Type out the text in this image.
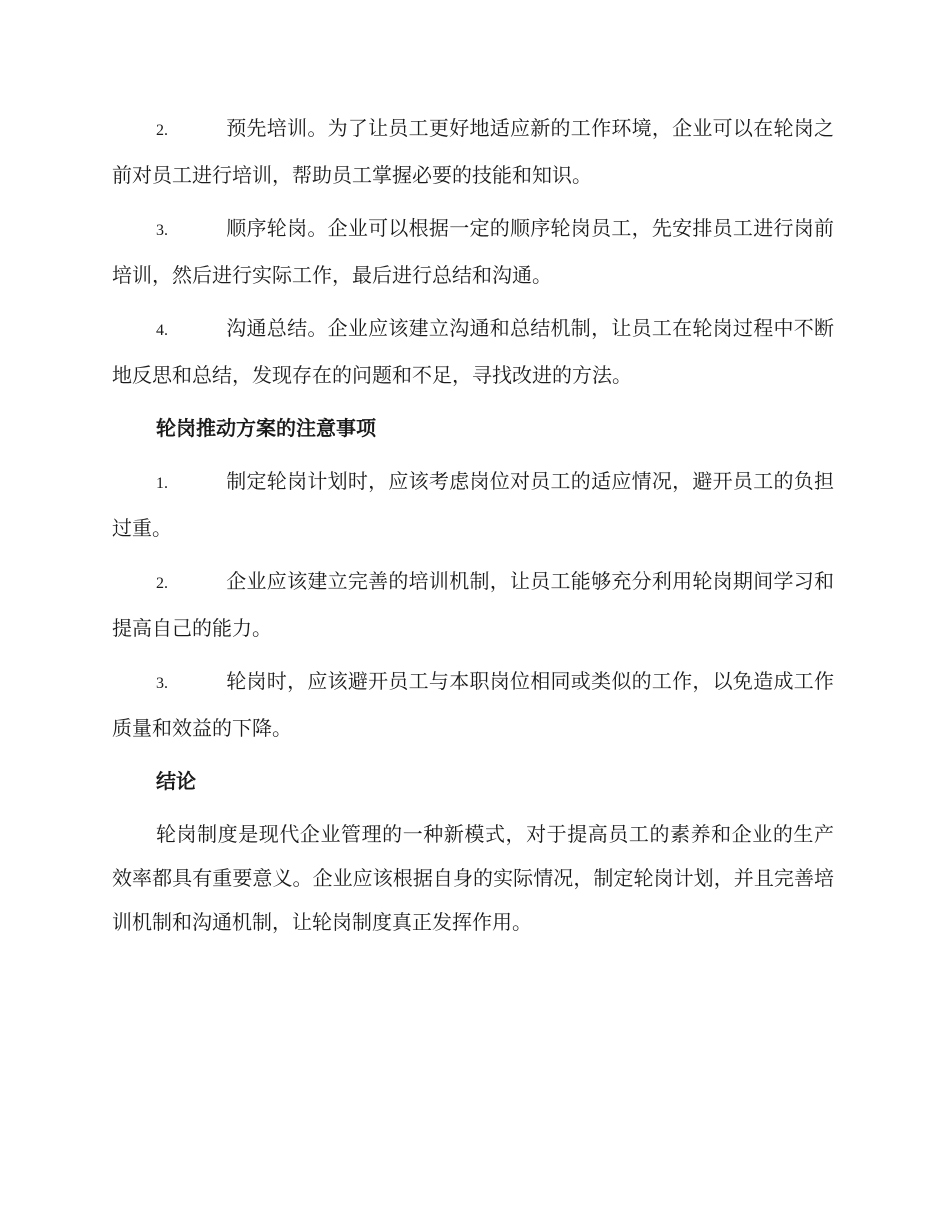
2.	预先培训。为了让员工更好地适应新的工作环境，企业可以在轮岗之前对员工进行培训，帮助员工掌握必要的技能和知识。

3.	顺序轮岗。企业可以根据一定的顺序轮岗员工，先安排员工进行岗前培训，然后进行实际工作，最后进行总结和沟通。

4.	沟通总结。企业应该建立沟通和总结机制，让员工在轮岗过程中不断地反思和总结，发现存在的问题和不足，寻找改进的方法。

轮岗推动方案的注意事项

1.	制定轮岗计划时，应该考虑岗位对员工的适应情况，避开员工的负担过重。

2.	企业应该建立完善的培训机制，让员工能够充分利用轮岗期间学习和提高自己的能力。

3.	轮岗时，应该避开员工与本职岗位相同或类似的工作，以免造成工作质量和效益的下降。

结论

轮岗制度是现代企业管理的一种新模式，对于提高员工的素养和企业的生产效率都具有重要意义。企业应该根据自身的实际情况，制定轮岗计划，并且完善培训机制和沟通机制，让轮岗制度真正发挥作用。
